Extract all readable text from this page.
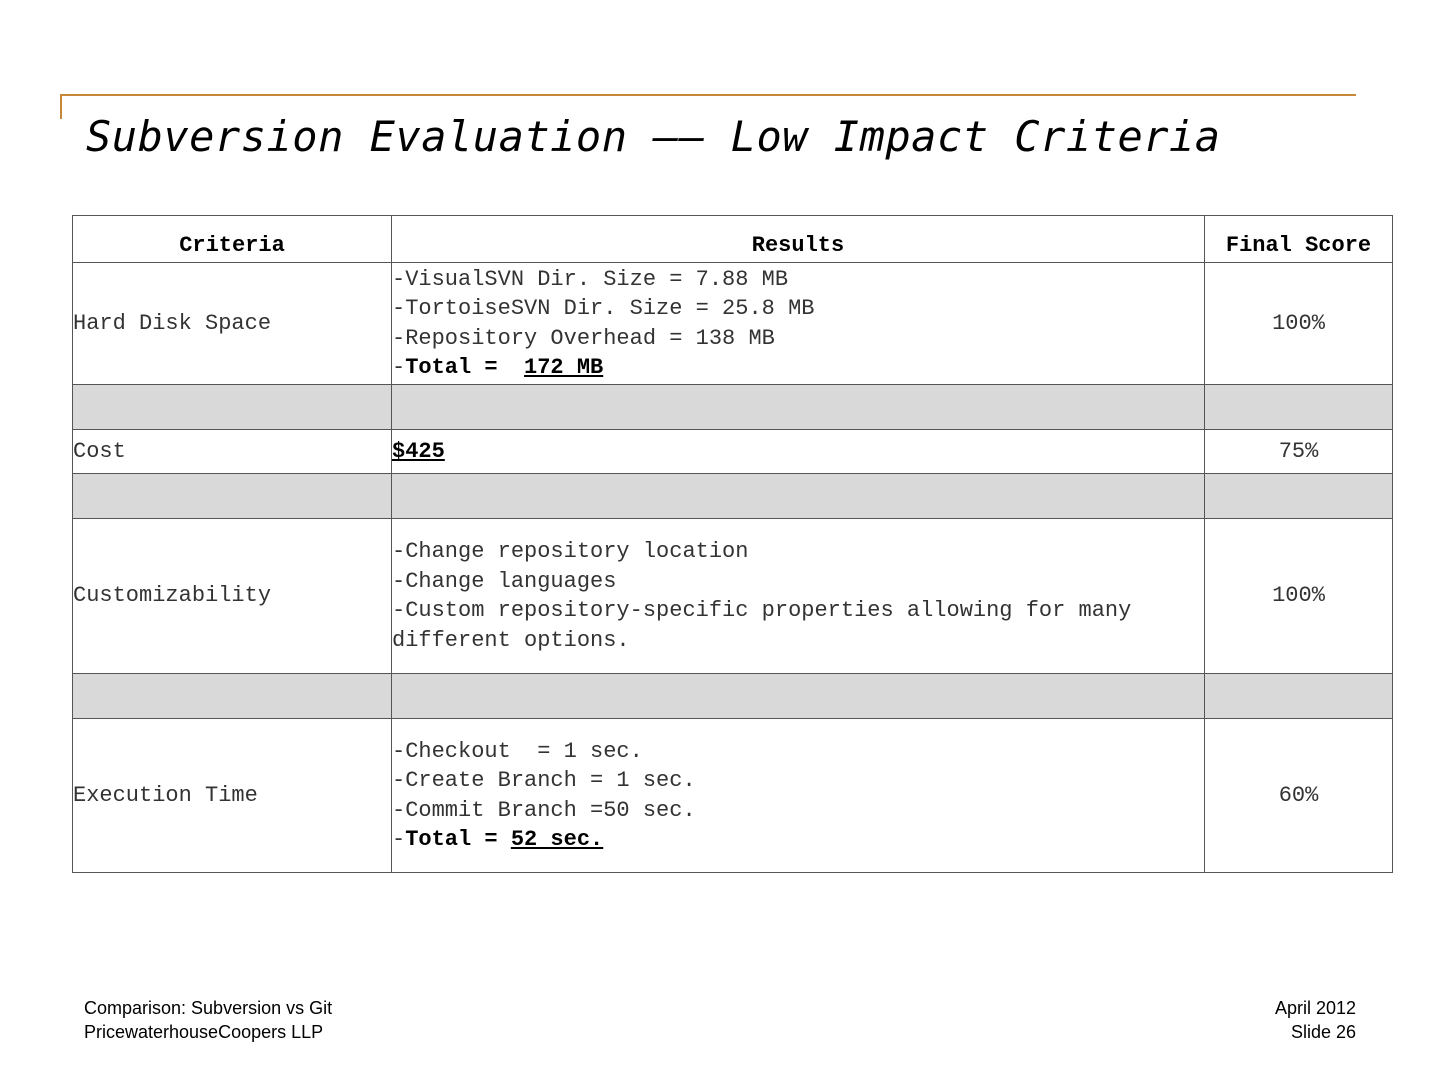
Subversion Evaluation —— Low Impact Criteria
Criteria	Results	Final Score
Hard Disk Space	-VisualSVN Dir. Size = 7.88 MB
-TortoiseSVN Dir. Size = 25.8 MB
-Repository Overhead = 138 MB
-Total =  172 MB	100%

Cost	$425	75%

Customizability	-Change repository location
-Change languages
-Custom repository-specific properties allowing for many
different options.	100%

Execution Time	-Checkout  = 1 sec.
-Create Branch = 1 sec.
-Commit Branch =50 sec.
-Total = 52 sec.	60%
Comparison: Subversion vs Git
PricewaterhouseCoopers LLP
April 2012
Slide 26
